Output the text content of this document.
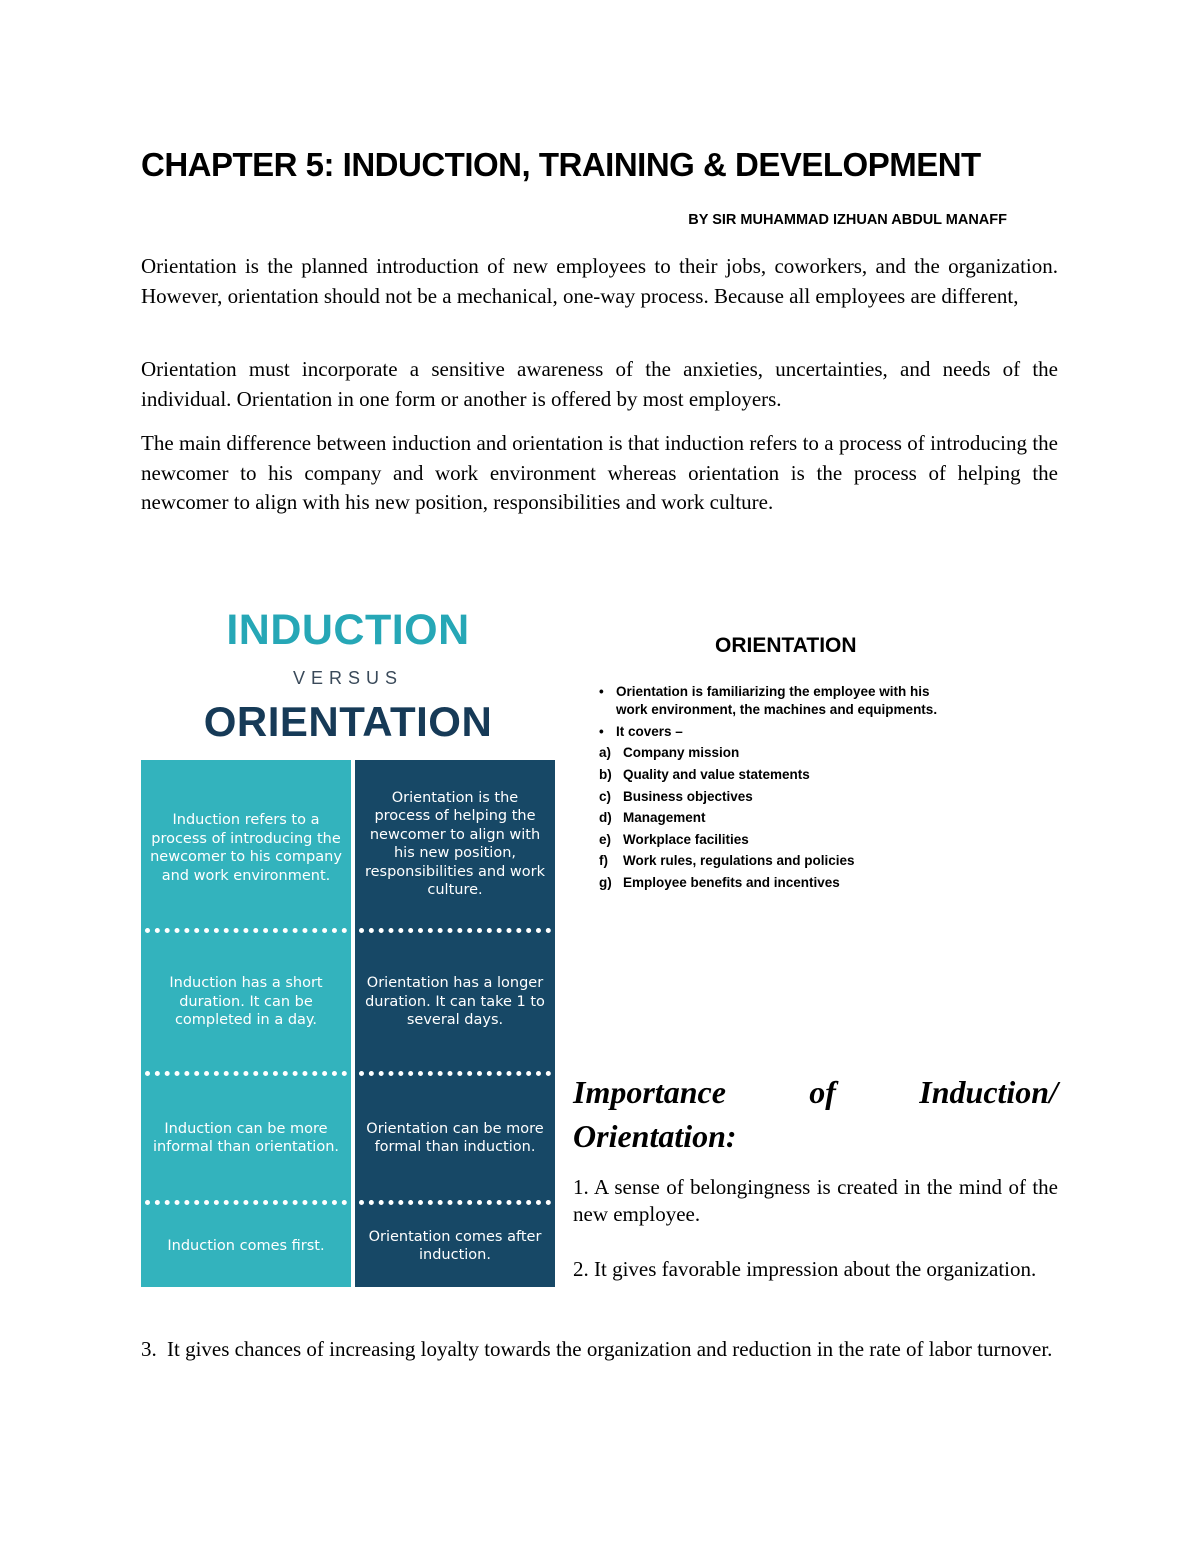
CHAPTER 5: INDUCTION, TRAINING & DEVELOPMENT
BY SIR MUHAMMAD IZHUAN ABDUL MANAFF

Orientation is the planned introduction of new employees to their jobs, coworkers, and the organization. However, orientation should not be a mechanical, one-way process. Because all employees are different,

Orientation must incorporate a sensitive awareness of the anxieties, uncertainties, and needs of the individual. Orientation in one form or another is offered by most employers.

The main difference between induction and orientation is that induction refers to a process of introducing the newcomer to his company and work environment whereas orientation is the process of helping the newcomer to align with his new position, responsibilities and work culture.

INDUCTION
VERSUS
ORIENTATION
Induction refers to a process of introducing the newcomer to his company and work environment.
Induction has a short duration. It can be completed in a day.
Induction can be more informal than orientation.
Induction comes first.
Orientation is the process of helping the newcomer to align with his new position, responsibilities and work culture.
Orientation has a longer duration. It can take 1 to several days.
Orientation can be more formal than induction.
Orientation comes after induction.
ORIENTATION
• Orientation is familiarizing the employee with his
work environment, the machines and equipments.
• It covers –
a) Company mission
b) Quality and value statements
c) Business objectives
d) Management
e) Workplace facilities
f) Work rules, regulations and policies
g) Employee benefits and incentives
Importance	of	Induction/
Orientation:

1. A sense of belongingness is created in the mind of the new employee.

2. It gives favorable impression about the organization.

3. It gives chances of increasing loyalty towards the organization and reduction in the rate of labor turnover.
